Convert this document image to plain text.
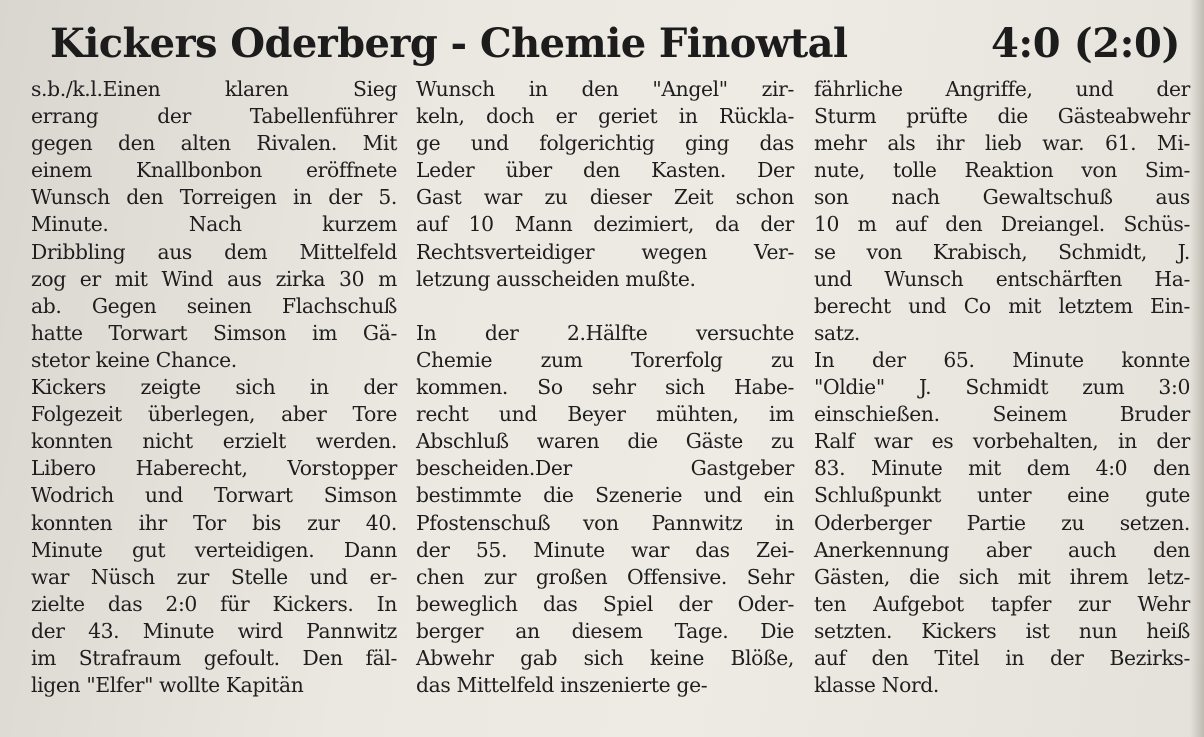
Kickers Oderberg - Chemie Finowtal	4:0 (2:0)
s.b./k.l.Einen klaren Sieg
errang der Tabellenführer
gegen den alten Rivalen. Mit
einem Knallbonbon eröffnete
Wunsch den Torreigen in der 5.
Minute. Nach kurzem
Dribbling aus dem Mittelfeld
zog er mit Wind aus zirka 30 m
ab. Gegen seinen Flachschuß
hatte Torwart Simson im Gä-
stetor keine Chance.
Kickers zeigte sich in der
Folgezeit überlegen, aber Tore
konnten nicht erzielt werden.
Libero Haberecht, Vorstopper
Wodrich und Torwart Simson
konnten ihr Tor bis zur 40.
Minute gut verteidigen. Dann
war Nüsch zur Stelle und er-
zielte das 2:0 für Kickers. In
der 43. Minute wird Pannwitz
im Strafraum gefoult. Den fäl-
ligen "Elfer" wollte Kapitän
Wunsch in den "Angel" zir-
keln, doch er geriet in Rückla-
ge und folgerichtig ging das
Leder über den Kasten. Der
Gast war zu dieser Zeit schon
auf 10 Mann dezimiert, da der
Rechtsverteidiger wegen Ver-
letzung ausscheiden mußte.
In der 2.Hälfte versuchte
Chemie zum Torerfolg zu
kommen. So sehr sich Habe-
recht und Beyer mühten, im
Abschluß waren die Gäste zu
bescheiden.Der Gastgeber
bestimmte die Szenerie und ein
Pfostenschuß von Pannwitz in
der 55. Minute war das Zei-
chen zur großen Offensive. Sehr
beweglich das Spiel der Oder-
berger an diesem Tage. Die
Abwehr gab sich keine Blöße,
das Mittelfeld inszenierte ge-
fährliche Angriffe, und der
Sturm prüfte die Gästeabwehr
mehr als ihr lieb war. 61. Mi-
nute, tolle Reaktion von Sim-
son nach Gewaltschuß aus
10 m auf den Dreiangel. Schüs-
se von Krabisch, Schmidt, J.
und Wunsch entschärften Ha-
berecht und Co mit letztem Ein-
satz.
In der 65. Minute konnte
"Oldie" J. Schmidt zum 3:0
einschießen. Seinem Bruder
Ralf war es vorbehalten, in der
83. Minute mit dem 4:0 den
Schlußpunkt unter eine gute
Oderberger Partie zu setzen.
Anerkennung aber auch den
Gästen, die sich mit ihrem letz-
ten Aufgebot tapfer zur Wehr
setzten. Kickers ist nun heiß
auf den Titel in der Bezirks-
klasse Nord.
